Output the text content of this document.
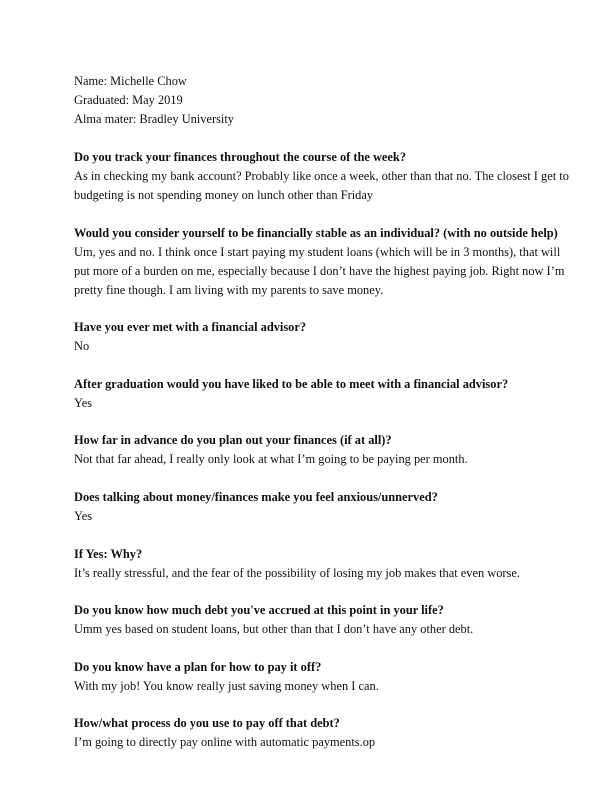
Name: Michelle Chow
Graduated: May 2019
Alma mater: Bradley University
Do you track your finances throughout the course of the week?
As in checking my bank account? Probably like once a week, other than that no. The closest I get to budgeting is not spending money on lunch other than Friday
Would you consider yourself to be financially stable as an individual? (with no outside help)
Um, yes and no. I think once I start paying my student loans (which will be in 3 months), that will put more of a burden on me, especially because I don’t have the highest paying job. Right now I’m pretty fine though. I am living with my parents to save money.
Have you ever met with a financial advisor?
No
After graduation would you have liked to be able to meet with a financial advisor?
Yes
How far in advance do you plan out your finances (if at all)?
Not that far ahead, I really only look at what I’m going to be paying per month.
Does talking about money/finances make you feel anxious/unnerved?
Yes
If Yes: Why?
It’s really stressful, and the fear of the possibility of losing my job makes that even worse.
Do you know how much debt you've accrued at this point in your life?
Umm yes based on student loans, but other than that I don’t have any other debt.
Do you know have a plan for how to pay it off?
With my job! You know really just saving money when I can.
How/what process do you use to pay off that debt?
I’m going to directly pay online with automatic payments.op
